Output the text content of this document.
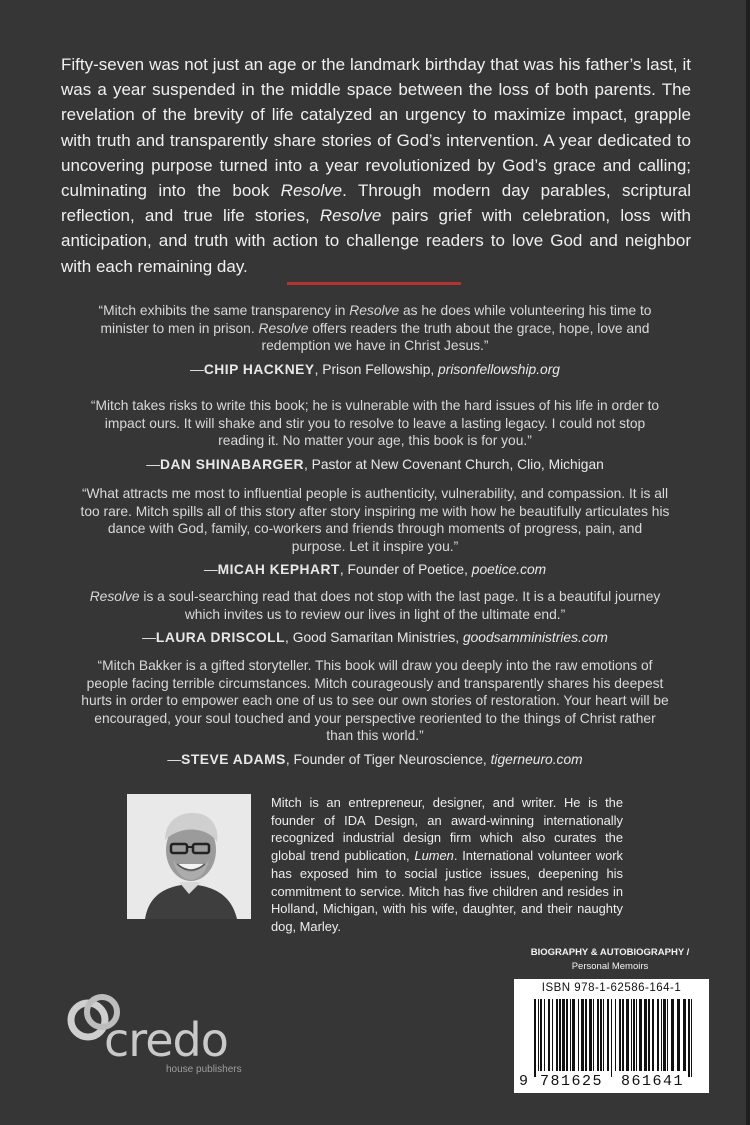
Fifty-seven was not just an age or the landmark birthday that was his father’s last, it was a year suspended in the middle space between the loss of both parents. The revelation of the brevity of life catalyzed an urgency to maximize impact, grapple with truth and transparently share stories of God’s intervention. A year dedicated to uncovering purpose turned into a year revolutionized by God’s grace and calling; culminating into the book Resolve. Through modern day parables, scriptural reflection, and true life stories, Resolve pairs grief with celebration, loss with anticipation, and truth with action to challenge readers to love God and neighbor with each remaining day.

“Mitch exhibits the same transparency in Resolve as he does while volunteering his time to minister to men in prison. Resolve offers readers the truth about the grace, hope, love and redemption we have in Christ Jesus.”

—CHIP HACKNEY, Prison Fellowship, prisonfellowship.org

“Mitch takes risks to write this book; he is vulnerable with the hard issues of his life in order to impact ours. It will shake and stir you to resolve to leave a lasting legacy. I could not stop reading it. No matter your age, this book is for you.”

—DAN SHINABARGER, Pastor at New Covenant Church, Clio, Michigan

“What attracts me most to influential people is authenticity, vulnerability, and compassion. It is all too rare. Mitch spills all of this story after story inspiring me with how he beautifully articulates his dance with God, family, co-workers and friends through moments of progress, pain, and purpose. Let it inspire you.”

—MICAH KEPHART, Founder of Poetice, poetice.com

Resolve is a soul-searching read that does not stop with the last page. It is a beautiful journey which invites us to review our lives in light of the ultimate end.”

—LAURA DRISCOLL, Good Samaritan Ministries, goodsamministries.com

“Mitch Bakker is a gifted storyteller. This book will draw you deeply into the raw emotions of people facing terrible circumstances. Mitch courageously and transparently shares his deepest hurts in order to empower each one of us to see our own stories of restoration. Your heart will be encouraged, your soul touched and your perspective reoriented to the things of Christ rather than this world.”

—STEVE ADAMS, Founder of Tiger Neuroscience, tigerneuro.com

Mitch is an entrepreneur, designer, and writer. He is the founder of IDA Design, an award-winning internationally recognized industrial design firm which also curates the global trend publication, Lumen. International volunteer work has exposed him to social justice issues, deepening his commitment to service. Mitch has five children and resides in Holland, Michigan, with his wife, daughter, and their naughty dog, Marley.

BIOGRAPHY & AUTOBIOGRAPHY /
Personal Memoirs
ISBN 978-1-62586-164-1
9 781625 861641
credo
house publishers
